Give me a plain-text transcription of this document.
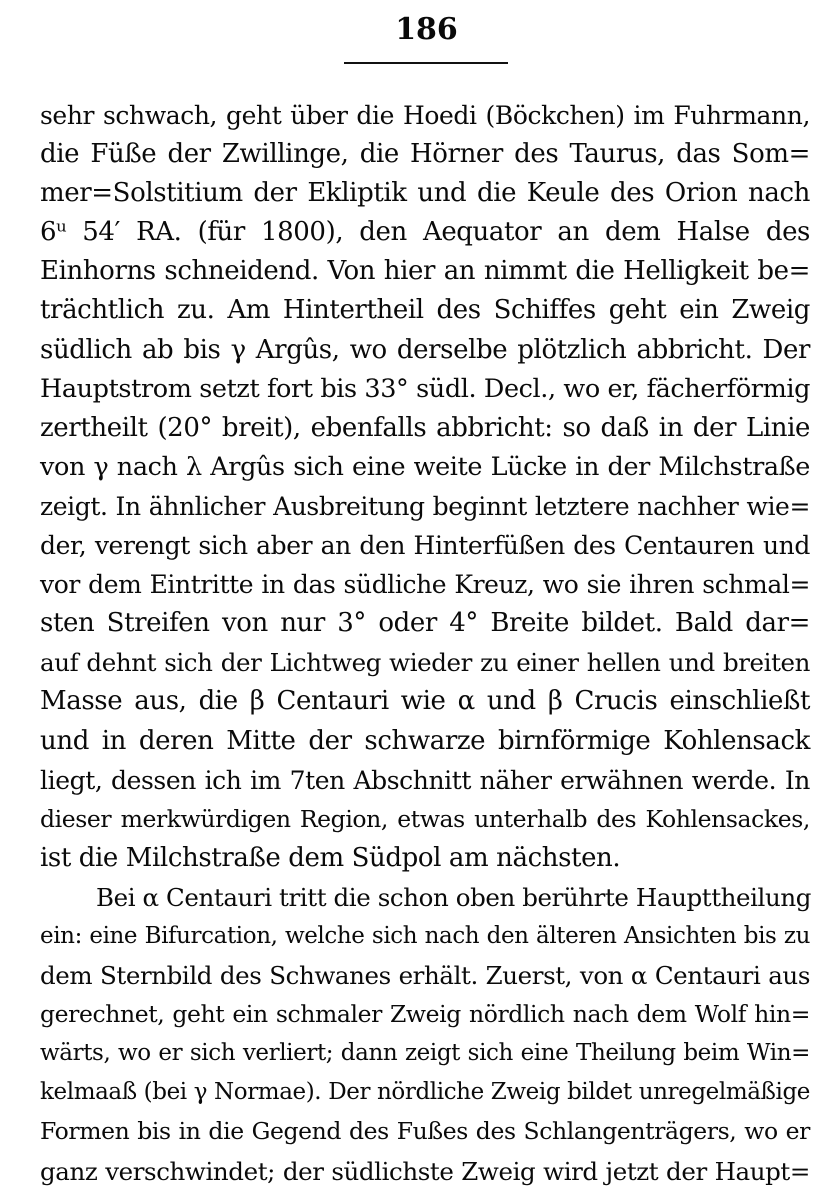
186
sehr schwach, geht über die Hoedi (Böckchen) im Fuhrmann,
die Füße der Zwillinge, die Hörner des Taurus, das Som=
mer=Solstitium der Ekliptik und die Keule des Orion nach
6ᵘ 54′ RA. (für 1800), den Aequator an dem Halse des
Einhorns schneidend. Von hier an nimmt die Helligkeit be=
trächtlich zu. Am Hintertheil des Schiffes geht ein Zweig
südlich ab bis γ Argûs, wo derselbe plötzlich abbricht. Der
Hauptstrom setzt fort bis 33° südl. Decl., wo er, fächerförmig
zertheilt (20° breit), ebenfalls abbricht: so daß in der Linie
von γ nach λ Argûs sich eine weite Lücke in der Milchstraße
zeigt. In ähnlicher Ausbreitung beginnt letztere nachher wie=
der, verengt sich aber an den Hinterfüßen des Centauren und
vor dem Eintritte in das südliche Kreuz, wo sie ihren schmal=
sten Streifen von nur 3° oder 4° Breite bildet. Bald dar=
auf dehnt sich der Lichtweg wieder zu einer hellen und breiten
Masse aus, die β Centauri wie α und β Crucis einschließt
und in deren Mitte der schwarze birnförmige Kohlensack
liegt, dessen ich im 7ten Abschnitt näher erwähnen werde. In
dieser merkwürdigen Region, etwas unterhalb des Kohlensackes,
ist die Milchstraße dem Südpol am nächsten.
Bei α Centauri tritt die schon oben berührte Haupttheilung
ein: eine Bifurcation, welche sich nach den älteren Ansichten bis zu
dem Sternbild des Schwanes erhält. Zuerst, von α Centauri aus
gerechnet, geht ein schmaler Zweig nördlich nach dem Wolf hin=
wärts, wo er sich verliert; dann zeigt sich eine Theilung beim Win=
kelmaaß (bei γ Normae). Der nördliche Zweig bildet unregelmäßige
Formen bis in die Gegend des Fußes des Schlangenträgers, wo er
ganz verschwindet; der südlichste Zweig wird jetzt der Haupt=
